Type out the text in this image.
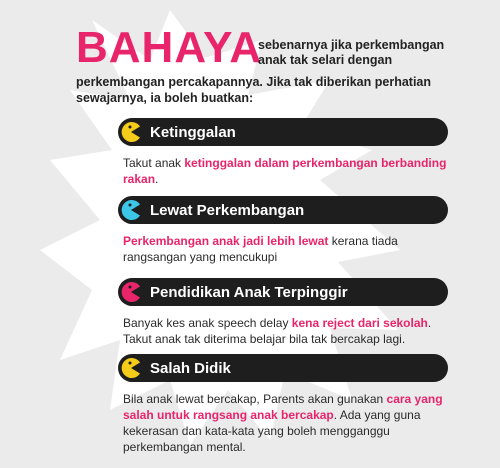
BAHAYA
sebenarnya jika perkembangan anak tak selari dengan
perkembangan percakapannya. Jika tak diberikan perhatian sewajarnya, ia boleh buatkan:
Ketinggalan
Takut anak ketinggalan dalam perkembangan berbanding rakan.
Lewat Perkembangan
Perkembangan anak jadi lebih lewat kerana tiada rangsangan yang mencukupi
Pendidikan Anak Terpinggir
Banyak kes anak speech delay kena reject dari sekolah. Takut anak tak diterima belajar bila tak bercakap lagi.
Salah Didik
Bila anak lewat bercakap, Parents akan gunakan cara yang salah untuk rangsang anak bercakap. Ada yang guna kekerasan dan kata-kata yang boleh mengganggu perkembangan mental.
